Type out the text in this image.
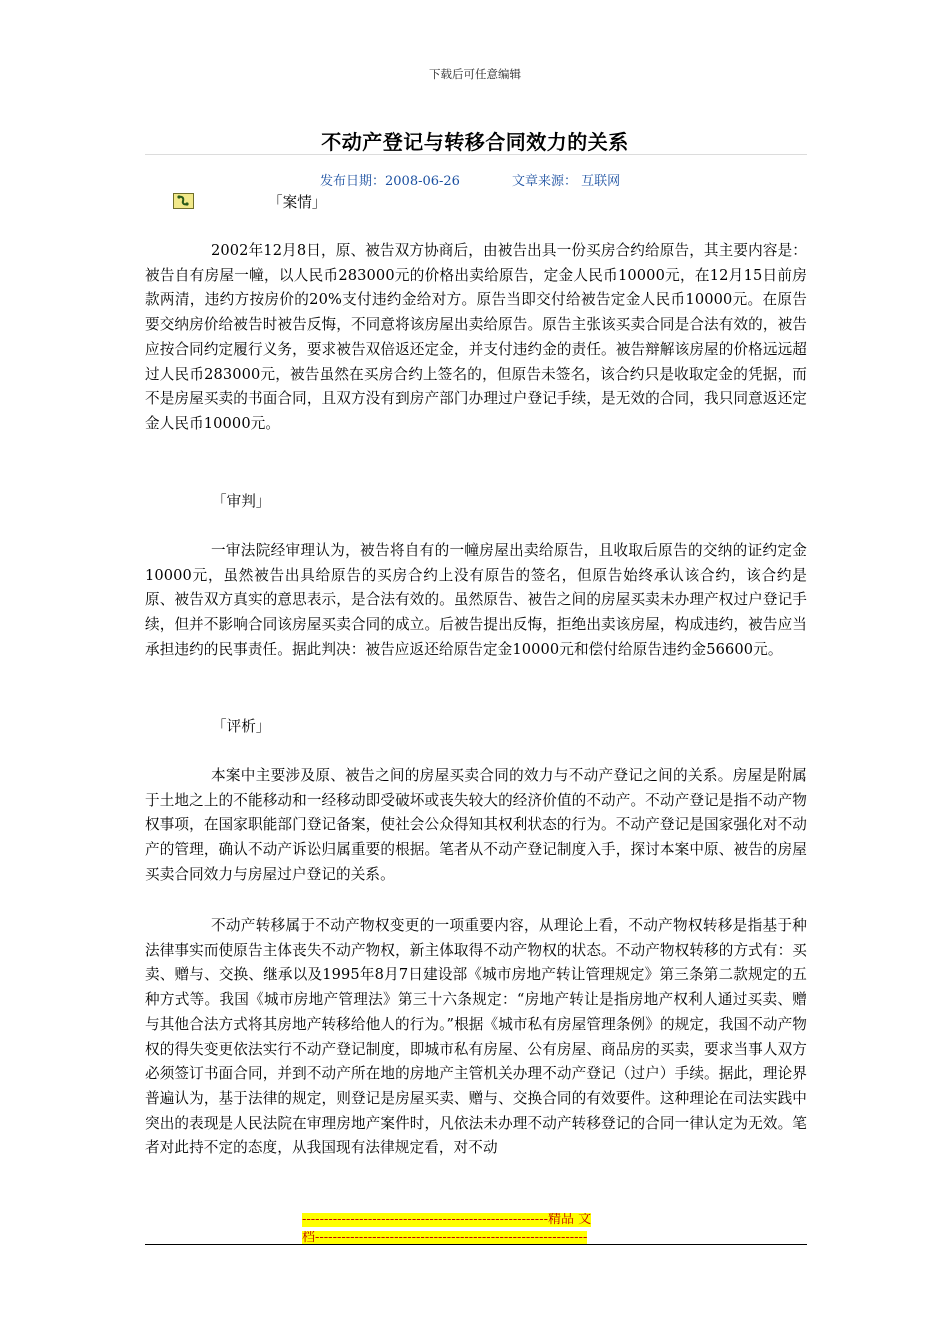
下载后可任意编辑
不动产登记与转移合同效力的关系
发布日期：2008-06-26	文章来源： 互联网
「案情」

2002年12月8日，原、被告双方协商后，由被告出具一份买房合约给原告，其主要内容是：被告自有房屋一幢，以人民币283000元的价格出卖给原告，定金人民币10000元，在12月15日前房款两清，违约方按房价的20%支付违约金给对方。原告当即交付给被告定金人民币10000元。在原告要交纳房价给被告时被告反悔，不同意将该房屋出卖给原告。原告主张该买卖合同是合法有效的，被告应按合同约定履行义务，要求被告双倍返还定金，并支付违约金的责任。被告辩解该房屋的价格远远超过人民币283000元，被告虽然在买房合约上签名的，但原告未签名，该合约只是收取定金的凭据，而不是房屋买卖的书面合同，且双方没有到房产部门办理过户登记手续，是无效的合同，我只同意返还定金人民币10000元。

「审判」

一审法院经审理认为，被告将自有的一幢房屋出卖给原告，且收取后原告的交纳的证约定金10000元，虽然被告出具给原告的买房合约上没有原告的签名，但原告始终承认该合约，该合约是原、被告双方真实的意思表示，是合法有效的。虽然原告、被告之间的房屋买卖未办理产权过户登记手续，但并不影响合同该房屋买卖合同的成立。后被告提出反悔，拒绝出卖该房屋，构成违约，被告应当承担违约的民事责任。据此判决：被告应返还给原告定金10000元和偿付给原告违约金56600元。

「评析」

本案中主要涉及原、被告之间的房屋买卖合同的效力与不动产登记之间的关系。房屋是附属于土地之上的不能移动和一经移动即受破坏或丧失较大的经济价值的不动产。不动产登记是指不动产物权事项，在国家职能部门登记备案，使社会公众得知其权利状态的行为。不动产登记是国家强化对不动产的管理，确认不动产诉讼归属重要的根据。笔者从不动产登记制度入手，探讨本案中原、被告的房屋买卖合同效力与房屋过户登记的关系。

不动产转移属于不动产物权变更的一项重要内容，从理论上看，不动产物权转移是指基于种法律事实而使原告主体丧失不动产物权，新主体取得不动产物权的状态。不动产物权转移的方式有：买卖、赠与、交换、继承以及1995年8月7日建设部《城市房地产转让管理规定》第三条第二款规定的五种方式等。我国《城市房地产管理法》第三十六条规定：“房地产转让是指房地产权利人通过买卖、赠与其他合法方式将其房地产转移给他人的行为。”根据《城市私有房屋管理条例》的规定，我国不动产物权的得失变更依法实行不动产登记制度，即城市私有房屋、公有房屋、商品房的买卖，要求当事人双方必须签订书面合同，并到不动产所在地的房地产主管机关办理不动产登记（过户）手续。据此，理论界普遍认为，基于法律的规定，则登记是房屋买卖、赠与、交换合同的有效要件。这种理论在司法实践中突出的表现是人民法院在审理房地产案件时，凡依法未办理不动产转移登记的合同一律认定为无效。笔者对此持不定的态度，从我国现有法律规定看，对不动

--------------------------------------------------------精品 文
档--------------------------------------------------------------
